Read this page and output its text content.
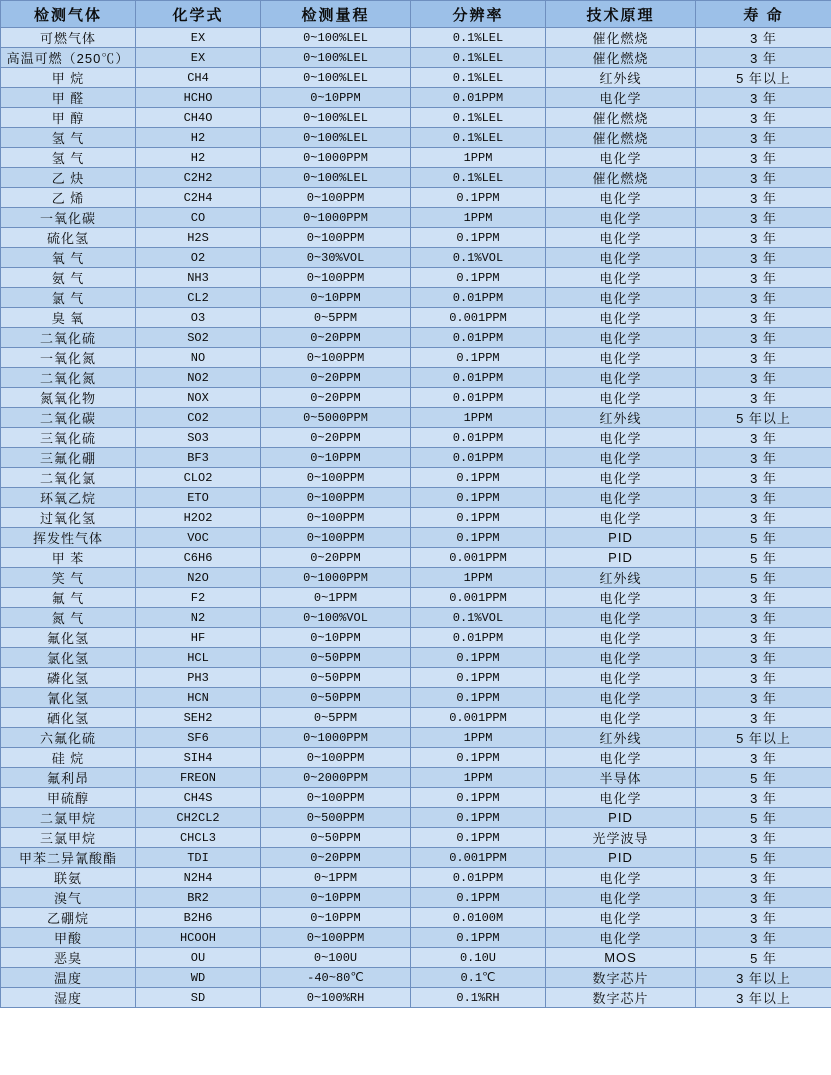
检测气体	化学式	检测量程	分辨率	技术原理	寿 命
可燃气体	EX	0~100%LEL	0.1%LEL	催化燃烧	3 年
高温可燃（250℃）	EX	0~100%LEL	0.1%LEL	催化燃烧	3 年
甲 烷	CH4	0~100%LEL	0.1%LEL	红外线	5 年以上
甲 醛	HCHO	0~10PPM	0.01PPM	电化学	3 年
甲 醇	CH4O	0~100%LEL	0.1%LEL	催化燃烧	3 年
氢 气	H2	0~100%LEL	0.1%LEL	催化燃烧	3 年
氢 气	H2	0~1000PPM	1PPM	电化学	3 年
乙 炔	C2H2	0~100%LEL	0.1%LEL	催化燃烧	3 年
乙 烯	C2H4	0~100PPM	0.1PPM	电化学	3 年
一氧化碳	CO	0~1000PPM	1PPM	电化学	3 年
硫化氢	H2S	0~100PPM	0.1PPM	电化学	3 年
氧 气	O2	0~30%VOL	0.1%VOL	电化学	3 年
氨 气	NH3	0~100PPM	0.1PPM	电化学	3 年
氯 气	CL2	0~10PPM	0.01PPM	电化学	3 年
臭 氧	O3	0~5PPM	0.001PPM	电化学	3 年
二氧化硫	SO2	0~20PPM	0.01PPM	电化学	3 年
一氧化氮	NO	0~100PPM	0.1PPM	电化学	3 年
二氧化氮	NO2	0~20PPM	0.01PPM	电化学	3 年
氮氧化物	NOX	0~20PPM	0.01PPM	电化学	3 年
二氧化碳	CO2	0~5000PPM	1PPM	红外线	5 年以上
三氧化硫	SO3	0~20PPM	0.01PPM	电化学	3 年
三氟化硼	BF3	0~10PPM	0.01PPM	电化学	3 年
二氧化氯	CLO2	0~100PPM	0.1PPM	电化学	3 年
环氧乙烷	ETO	0~100PPM	0.1PPM	电化学	3 年
过氧化氢	H2O2	0~100PPM	0.1PPM	电化学	3 年
挥发性气体	VOC	0~100PPM	0.1PPM	PID	5 年
甲 苯	C6H6	0~20PPM	0.001PPM	PID	5 年
笑 气	N2O	0~1000PPM	1PPM	红外线	5 年
氟 气	F2	0~1PPM	0.001PPM	电化学	3 年
氮 气	N2	0~100%VOL	0.1%VOL	电化学	3 年
氟化氢	HF	0~10PPM	0.01PPM	电化学	3 年
氯化氢	HCL	0~50PPM	0.1PPM	电化学	3 年
磷化氢	PH3	0~50PPM	0.1PPM	电化学	3 年
氰化氢	HCN	0~50PPM	0.1PPM	电化学	3 年
硒化氢	SEH2	0~5PPM	0.001PPM	电化学	3 年
六氟化硫	SF6	0~1000PPM	1PPM	红外线	5 年以上
硅 烷	SIH4	0~100PPM	0.1PPM	电化学	3 年
氟利昂	FREON	0~2000PPM	1PPM	半导体	5 年
甲硫醇	CH4S	0~100PPM	0.1PPM	电化学	3 年
二氯甲烷	CH2CL2	0~500PPM	0.1PPM	PID	5 年
三氯甲烷	CHCL3	0~50PPM	0.1PPM	光学波导	3 年
甲苯二异氰酸酯	TDI	0~20PPM	0.001PPM	PID	5 年
联氨	N2H4	0~1PPM	0.01PPM	电化学	3 年
溴气	BR2	0~10PPM	0.1PPM	电化学	3 年
乙硼烷	B2H6	0~10PPM	0.0100M	电化学	3 年
甲酸	HCOOH	0~100PPM	0.1PPM	电化学	3 年
恶臭	OU	0~100U	0.10U	MOS	5 年
温度	WD	-40~80℃	0.1℃	数字芯片	3 年以上
湿度	SD	0~100%RH	0.1%RH	数字芯片	3 年以上
